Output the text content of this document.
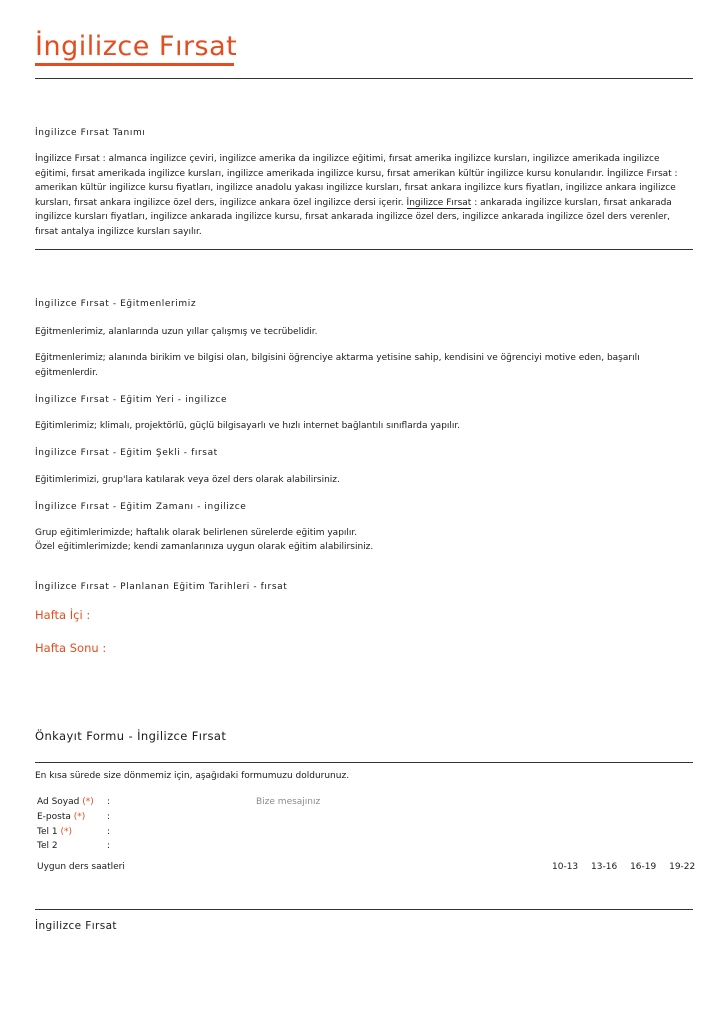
İngilizce Fırsat
İngilizce Fırsat Tanımı
İngilizce Fırsat : almanca ingilizce çeviri, ingilizce amerika da ingilizce eğitimi, fırsat amerika ingilizce kursları, ingilizce amerikada ingilizce eğitimi, fırsat amerikada ingilizce kursları, ingilizce amerikada ingilizce kursu, fırsat amerikan kültür ingilizce kursu konularıdır. İngilizce Fırsat : amerikan kültür ingilizce kursu fiyatları, ingilizce anadolu yakası ingilizce kursları, fırsat ankara ingilizce kurs fiyatları, ingilizce ankara ingilizce kursları, fırsat ankara ingilizce özel ders, ingilizce ankara özel ingilizce dersi içerir. İngilizce Fırsat : ankarada ingilizce kursları, fırsat ankarada ingilizce kursları fiyatları, ingilizce ankarada ingilizce kursu, fırsat ankarada ingilizce özel ders, ingilizce ankarada ingilizce özel ders verenler, fırsat antalya ingilizce kursları sayılır.
İngilizce Fırsat - Eğitmenlerimiz
Eğitmenlerimiz, alanlarında uzun yıllar çalışmış ve tecrübelidir.
Eğitmenlerimiz; alanında birikim ve bilgisi olan, bilgisini öğrenciye aktarma yetisine sahip, kendisini ve öğrenciyi motive eden, başarılı eğitmenlerdir.
İngilizce Fırsat - Eğitim Yeri - ingilizce
Eğitimlerimiz; klimalı, projektörlü, güçlü bilgisayarlı ve hızlı internet bağlantılı sınıflarda yapılır.
İngilizce Fırsat - Eğitim Şekli - fırsat
Eğitimlerimizi, grup'lara katılarak veya özel ders olarak alabilirsiniz.
İngilizce Fırsat - Eğitim Zamanı - ingilizce
Grup eğitimlerimizde; haftalık olarak belirlenen sürelerde eğitim yapılır.
Özel eğitimlerimizde; kendi zamanlarınıza uygun olarak eğitim alabilirsiniz.
İngilizce Fırsat - Planlanan Eğitim Tarihleri - fırsat
Hafta İçi :
Hafta Sonu :
Önkayıt Formu - İngilizce Fırsat
En kısa sürede size dönmemiz için, aşağıdaki formumuzu doldurunuz.
Ad Soyad (*) :
E-posta (*) :
Tel 1 (*)	:
Tel 2	:
Bize mesajınız
Uygun ders saatleri	10-13 13-16 16-19 19-22
İngilizce Fırsat
